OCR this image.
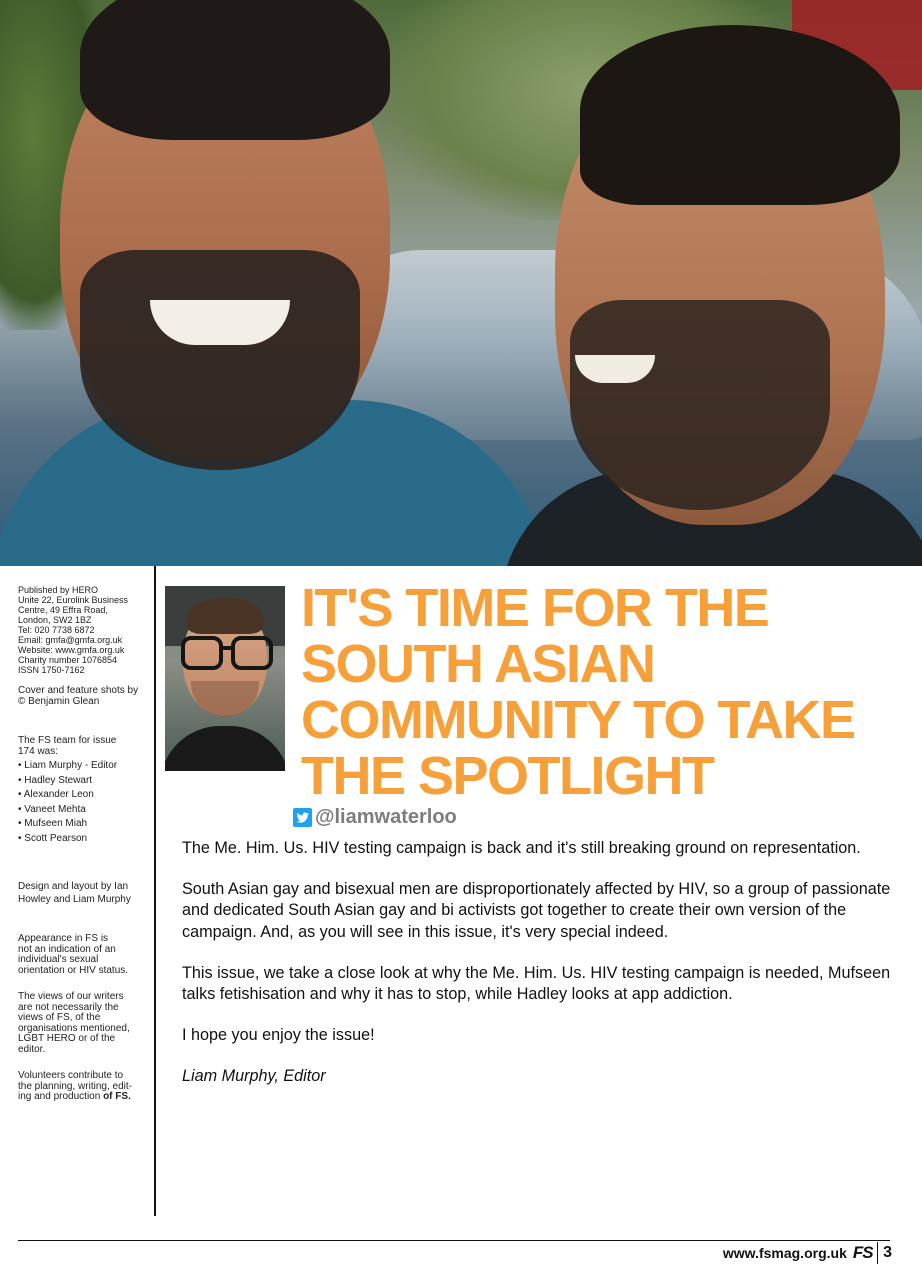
Published by HERO
Unite 22, Eurolink Business
Centre, 49 Effra Road,
London, SW2 1BZ
Tel: 020 7738 6872
Email: gmfa@gmfa.org.uk
Website: www.gmfa.org.uk
Charity number 1076854
ISSN 1750-7162

Cover and feature shots by
© Benjamin Glean

The FS team for issue
174 was:

• Liam Murphy - Editor
• Hadley Stewart
• Alexander Leon
• Vaneet Mehta
• Mufseen Miah
• Scott Pearson

Design and layout by Ian
Howley and Liam Murphy

Appearance in FS is
not an indication of an
individual's sexual
orientation or HIV status.

The views of our writers
are not necessarily the
views of FS, of the
organisations mentioned,
LGBT HERO or of the
editor.

Volunteers contribute to
the planning, writing, edit-
ing and production of FS.

IT'S TIME FOR THE
SOUTH ASIAN
COMMUNITY TO TAKE
THE SPOTLIGHT
@liamwaterloo

The Me. Him. Us. HIV testing campaign is back and it's still breaking ground on representation.

South Asian gay and bisexual men are disproportionately affected by HIV, so a group of passionate and dedicated South Asian gay and bi activists got together to create their own version of the campaign. And, as you will see in this issue, it's very special indeed.

This issue, we take a close look at why the Me. Him. Us. HIV testing campaign is needed, Mufseen talks fetishisation and why it has to stop, while Hadley looks at app addiction.

I hope you enjoy the issue!

Liam Murphy, Editor

www.fsmag.org.uk FS 3
